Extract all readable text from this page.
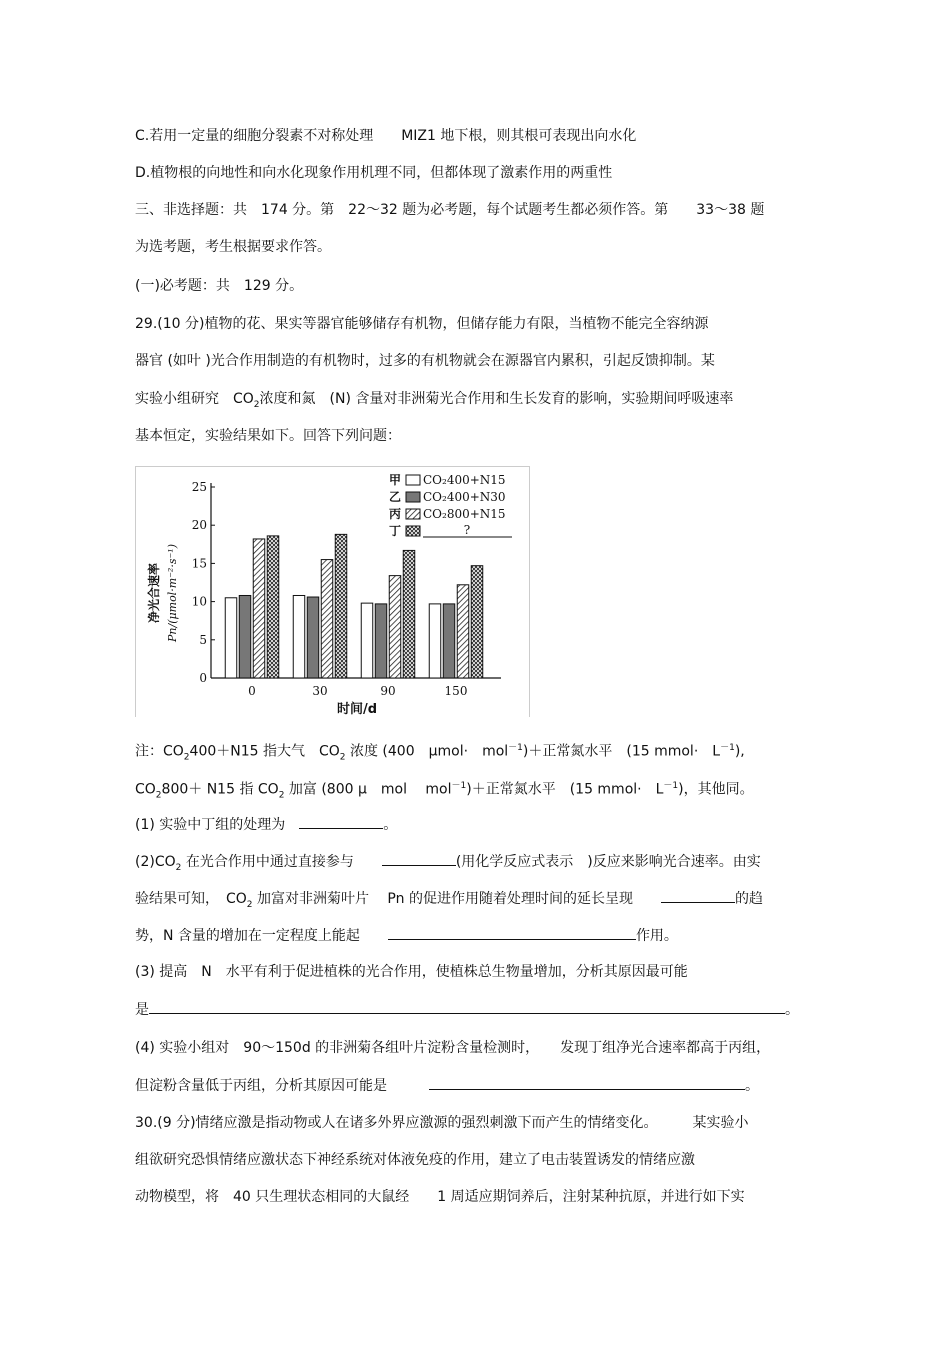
C.若用一定量的细胞分裂素不对称处理　　MIZ1 地下根，则其根可表现出向水化
D.植物根的向地性和向水化现象作用机理不同，但都体现了激素作用的两重性
三、非选择题：共　174 分。第　22～32 题为必考题，每个试题考生都必须作答。第　　33～38 题
为选考题，考生根据要求作答。
(一)必考题：共　129 分。
29.(10 分)植物的花、果实等器官能够储存有机物，但储存能力有限，当植物不能完全容纳源
器官 (如叶 )光合作用制造的有机物时，过多的有机物就会在源器官内累积，引起反馈抑制。某
实验小组研究　$CO_2$浓度和氮　(N) 含量对非洲菊光合作用和生长发育的影响，实验期间呼吸速率
基本恒定，实验结果如下。回答下列问题：
0
5
10
15
20
25
净光合速率 Pn/(μmol·m⁻²·s⁻¹)
0	30	90	150
时间/d
甲 CO₂400+N15
乙 CO₂400+N30
丙 CO₂800+N15
丁	?
注：$CO_2400+N15$ 指大气　$CO_2$ 浓度 (400　μmol·　mol$^{-1}$)＋正常氮水平　(15 mmol·　$L^{-1}$),
$CO_2800+ N15$ 指 $CO_2$ 加富 (800 μ　mol　 mol$^{-1}$)＋正常氮水平　(15 mmol·　$L^{-1}$)，其他同。
(1) 实验中丁组的处理为　	。
$(2)CO_2$ 在光合作用中通过直接参与　　	(用化学反应式表示　)反应来影响光合速率。由实
验结果可知，　$CO_2$ 加富对非洲菊叶片　 Pn 的促进作用随着处理时间的延长呈现　　	的趋
势，N 含量的增加在一定程度上能起　　	作用。
(3) 提高　N　水平有利于促进植株的光合作用，使植株总生物量增加，分析其原因最可能
是	。
(4) 实验小组对　90～150d 的非洲菊各组叶片淀粉含量检测时，　　发现丁组净光合速率都高于丙组，
但淀粉含量低于丙组，分析其原因可能是　　　	。
30.(9 分)情绪应激是指动物或人在诸多外界应激源的强烈刺激下而产生的情绪变化。　　　某实验小
组欲研究恐惧情绪应激状态下神经系统对体液免疫的作用，建立了电击装置诱发的情绪应激
动物模型，将　40 只生理状态相同的大鼠经　　1 周适应期饲养后，注射某种抗原，并进行如下实
